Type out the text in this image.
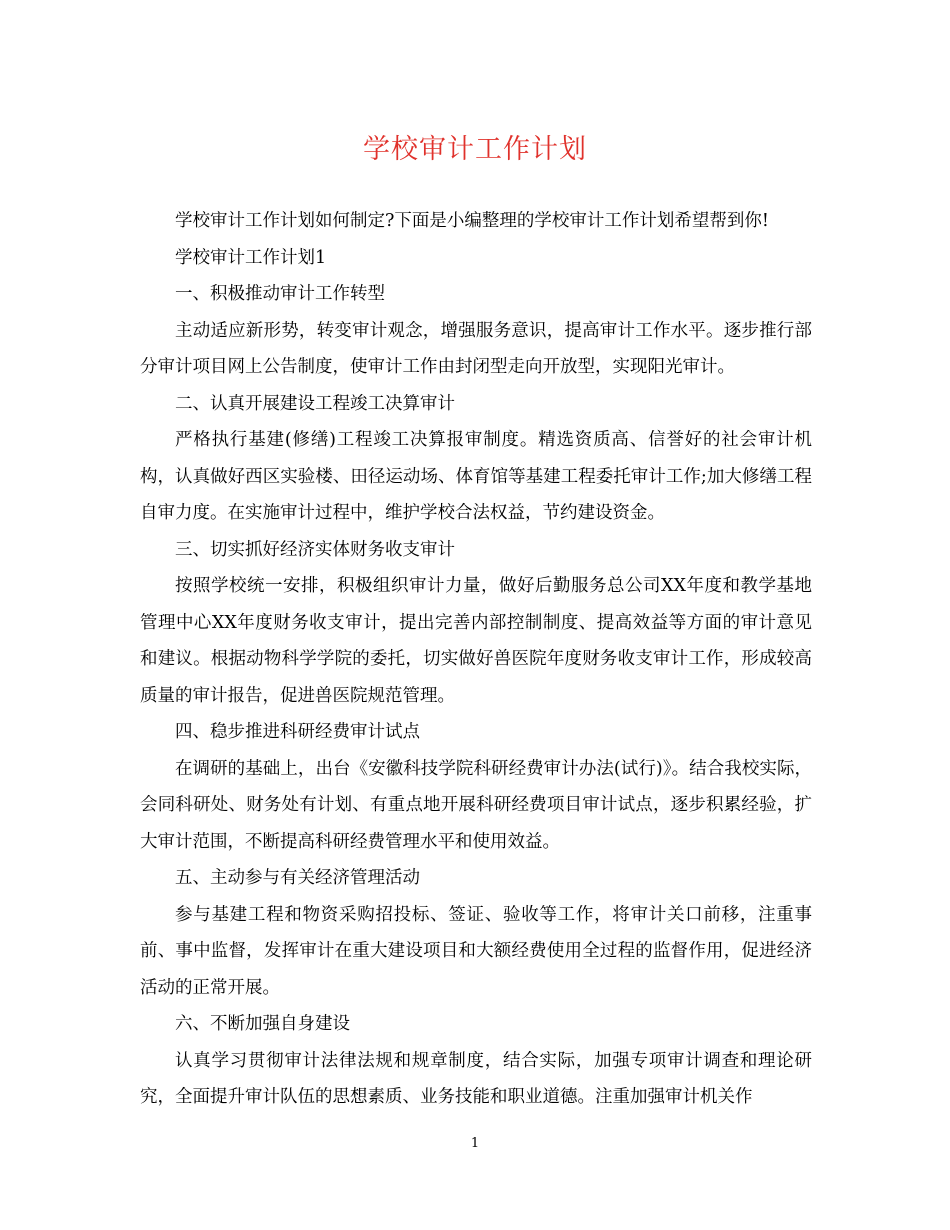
学校审计工作计划

学校审计工作计划如何制定?下面是小编整理的学校审计工作计划希望帮到你!

学校审计工作计划1

一、积极推动审计工作转型

主动适应新形势，转变审计观念，增强服务意识，提高审计工作水平。逐步推行部分审计项目网上公告制度，使审计工作由封闭型走向开放型，实现阳光审计。

二、认真开展建设工程竣工决算审计

严格执行基建(修缮)工程竣工决算报审制度。精选资质高、信誉好的社会审计机构，认真做好西区实验楼、田径运动场、体育馆等基建工程委托审计工作;加大修缮工程自审力度。在实施审计过程中，维护学校合法权益，节约建设资金。

三、切实抓好经济实体财务收支审计

按照学校统一安排，积极组织审计力量，做好后勤服务总公司XX年度和教学基地管理中心XX年度财务收支审计，提出完善内部控制制度、提高效益等方面的审计意见和建议。根据动物科学学院的委托，切实做好兽医院年度财务收支审计工作，形成较高质量的审计报告，促进兽医院规范管理。

四、稳步推进科研经费审计试点

在调研的基础上，出台《安徽科技学院科研经费审计办法(试行)》。结合我校实际，会同科研处、财务处有计划、有重点地开展科研经费项目审计试点，逐步积累经验，扩大审计范围，不断提高科研经费管理水平和使用效益。

五、主动参与有关经济管理活动

参与基建工程和物资采购招投标、签证、验收等工作，将审计关口前移，注重事前、事中监督，发挥审计在重大建设项目和大额经费使用全过程的监督作用，促进经济活动的正常开展。

六、不断加强自身建设

认真学习贯彻审计法律法规和规章制度，结合实际，加强专项审计调查和理论研究，全面提升审计队伍的思想素质、业务技能和职业道德。注重加强审计机关作

1
